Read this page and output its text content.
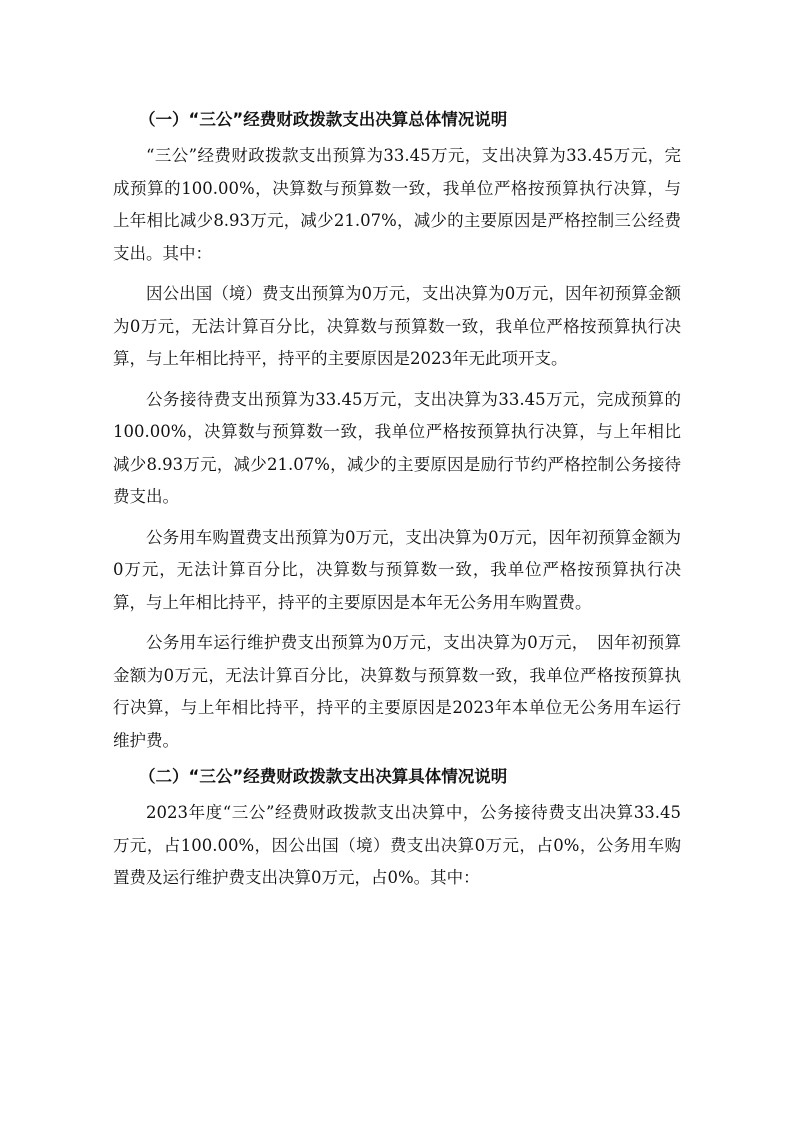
（一）“三公”经费财政拨款支出决算总体情况说明

“三公”经费财政拨款支出预算为33.45万元，支出决算为33.45万元，完成预算的100.00%，决算数与预算数一致，我单位严格按预算执行决算，与上年相比减少8.93万元，减少21.07%，减少的主要原因是严格控制三公经费支出。其中：

因公出国（境）费支出预算为0万元，支出决算为0万元，因年初预算金额为0万元，无法计算百分比，决算数与预算数一致，我单位严格按预算执行决算，与上年相比持平，持平的主要原因是2023年无此项开支。

公务接待费支出预算为33.45万元，支出决算为33.45万元，完成预算的100.00%，决算数与预算数一致，我单位严格按预算执行决算，与上年相比减少8.93万元，减少21.07%，减少的主要原因是励行节约严格控制公务接待费支出。

公务用车购置费支出预算为0万元，支出决算为0万元，因年初预算金额为0万元，无法计算百分比，决算数与预算数一致，我单位严格按预算执行决算，与上年相比持平，持平的主要原因是本年无公务用车购置费。

公务用车运行维护费支出预算为0万元，支出决算为0万元，　因年初预算金额为0万元，无法计算百分比，决算数与预算数一致，我单位严格按预算执行决算，与上年相比持平，持平的主要原因是2023年本单位无公务用车运行维护费。

（二）“三公”经费财政拨款支出决算具体情况说明

2023年度“三公”经费财政拨款支出决算中，公务接待费支出决算33.45万元，占100.00%，因公出国（境）费支出决算0万元，占0%，公务用车购置费及运行维护费支出决算0万元，占0%。其中：
